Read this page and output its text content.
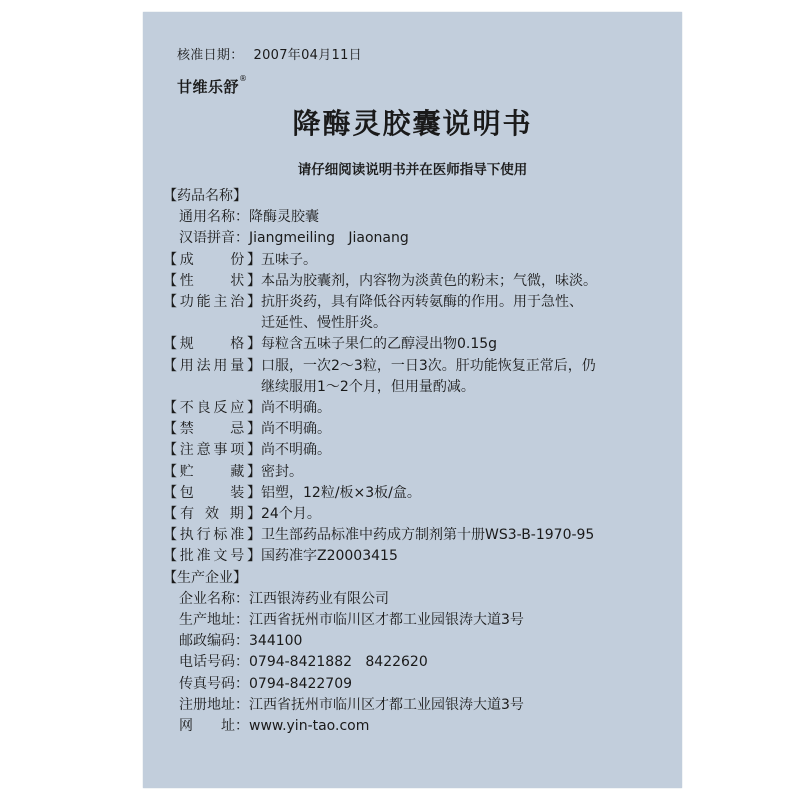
核准日期： 2007年04月11日
甘维乐舒®
降酶灵胶囊说明书
请仔细阅读说明书并在医师指导下使用
【药品名称】
通用名称： 降酶灵胶囊
汉语拼音： Jiangmeiling   Jiaonang
【成　　份】 五味子。
【性　　状】 本品为胶囊剂，内容物为淡黄色的粉末；气微，味淡。
【功能主治】 抗肝炎药，具有降低谷丙转氨酶的作用。用于急性、
迁延性、慢性肝炎。
【规　　格】 每粒含五味子果仁的乙醇浸出物0.15g
【用法用量】 口服，一次2～3粒，一日3次。肝功能恢复正常后，仍
继续服用1～2个月，但用量酌减。
【不良反应】 尚不明确。
【禁　　忌】 尚不明确。
【注意事项】 尚不明确。
【贮　　藏】 密封。
【包　　装】 铝塑，12粒/板×3板/盒。
【有 效 期】 24个月。
【执行标准】 卫生部药品标准中药成方制剂第十册WS3-B-1970-95
【批准文号】 国药准字Z20003415
【生产企业】
企业名称： 江西银涛药业有限公司
生产地址： 江西省抚州市临川区才都工业园银涛大道3号
邮政编码： 344100
电话号码： 0794-8421882   8422620
传真号码： 0794-8422709
注册地址： 江西省抚州市临川区才都工业园银涛大道3号
网　　址： www.yin-tao.com
